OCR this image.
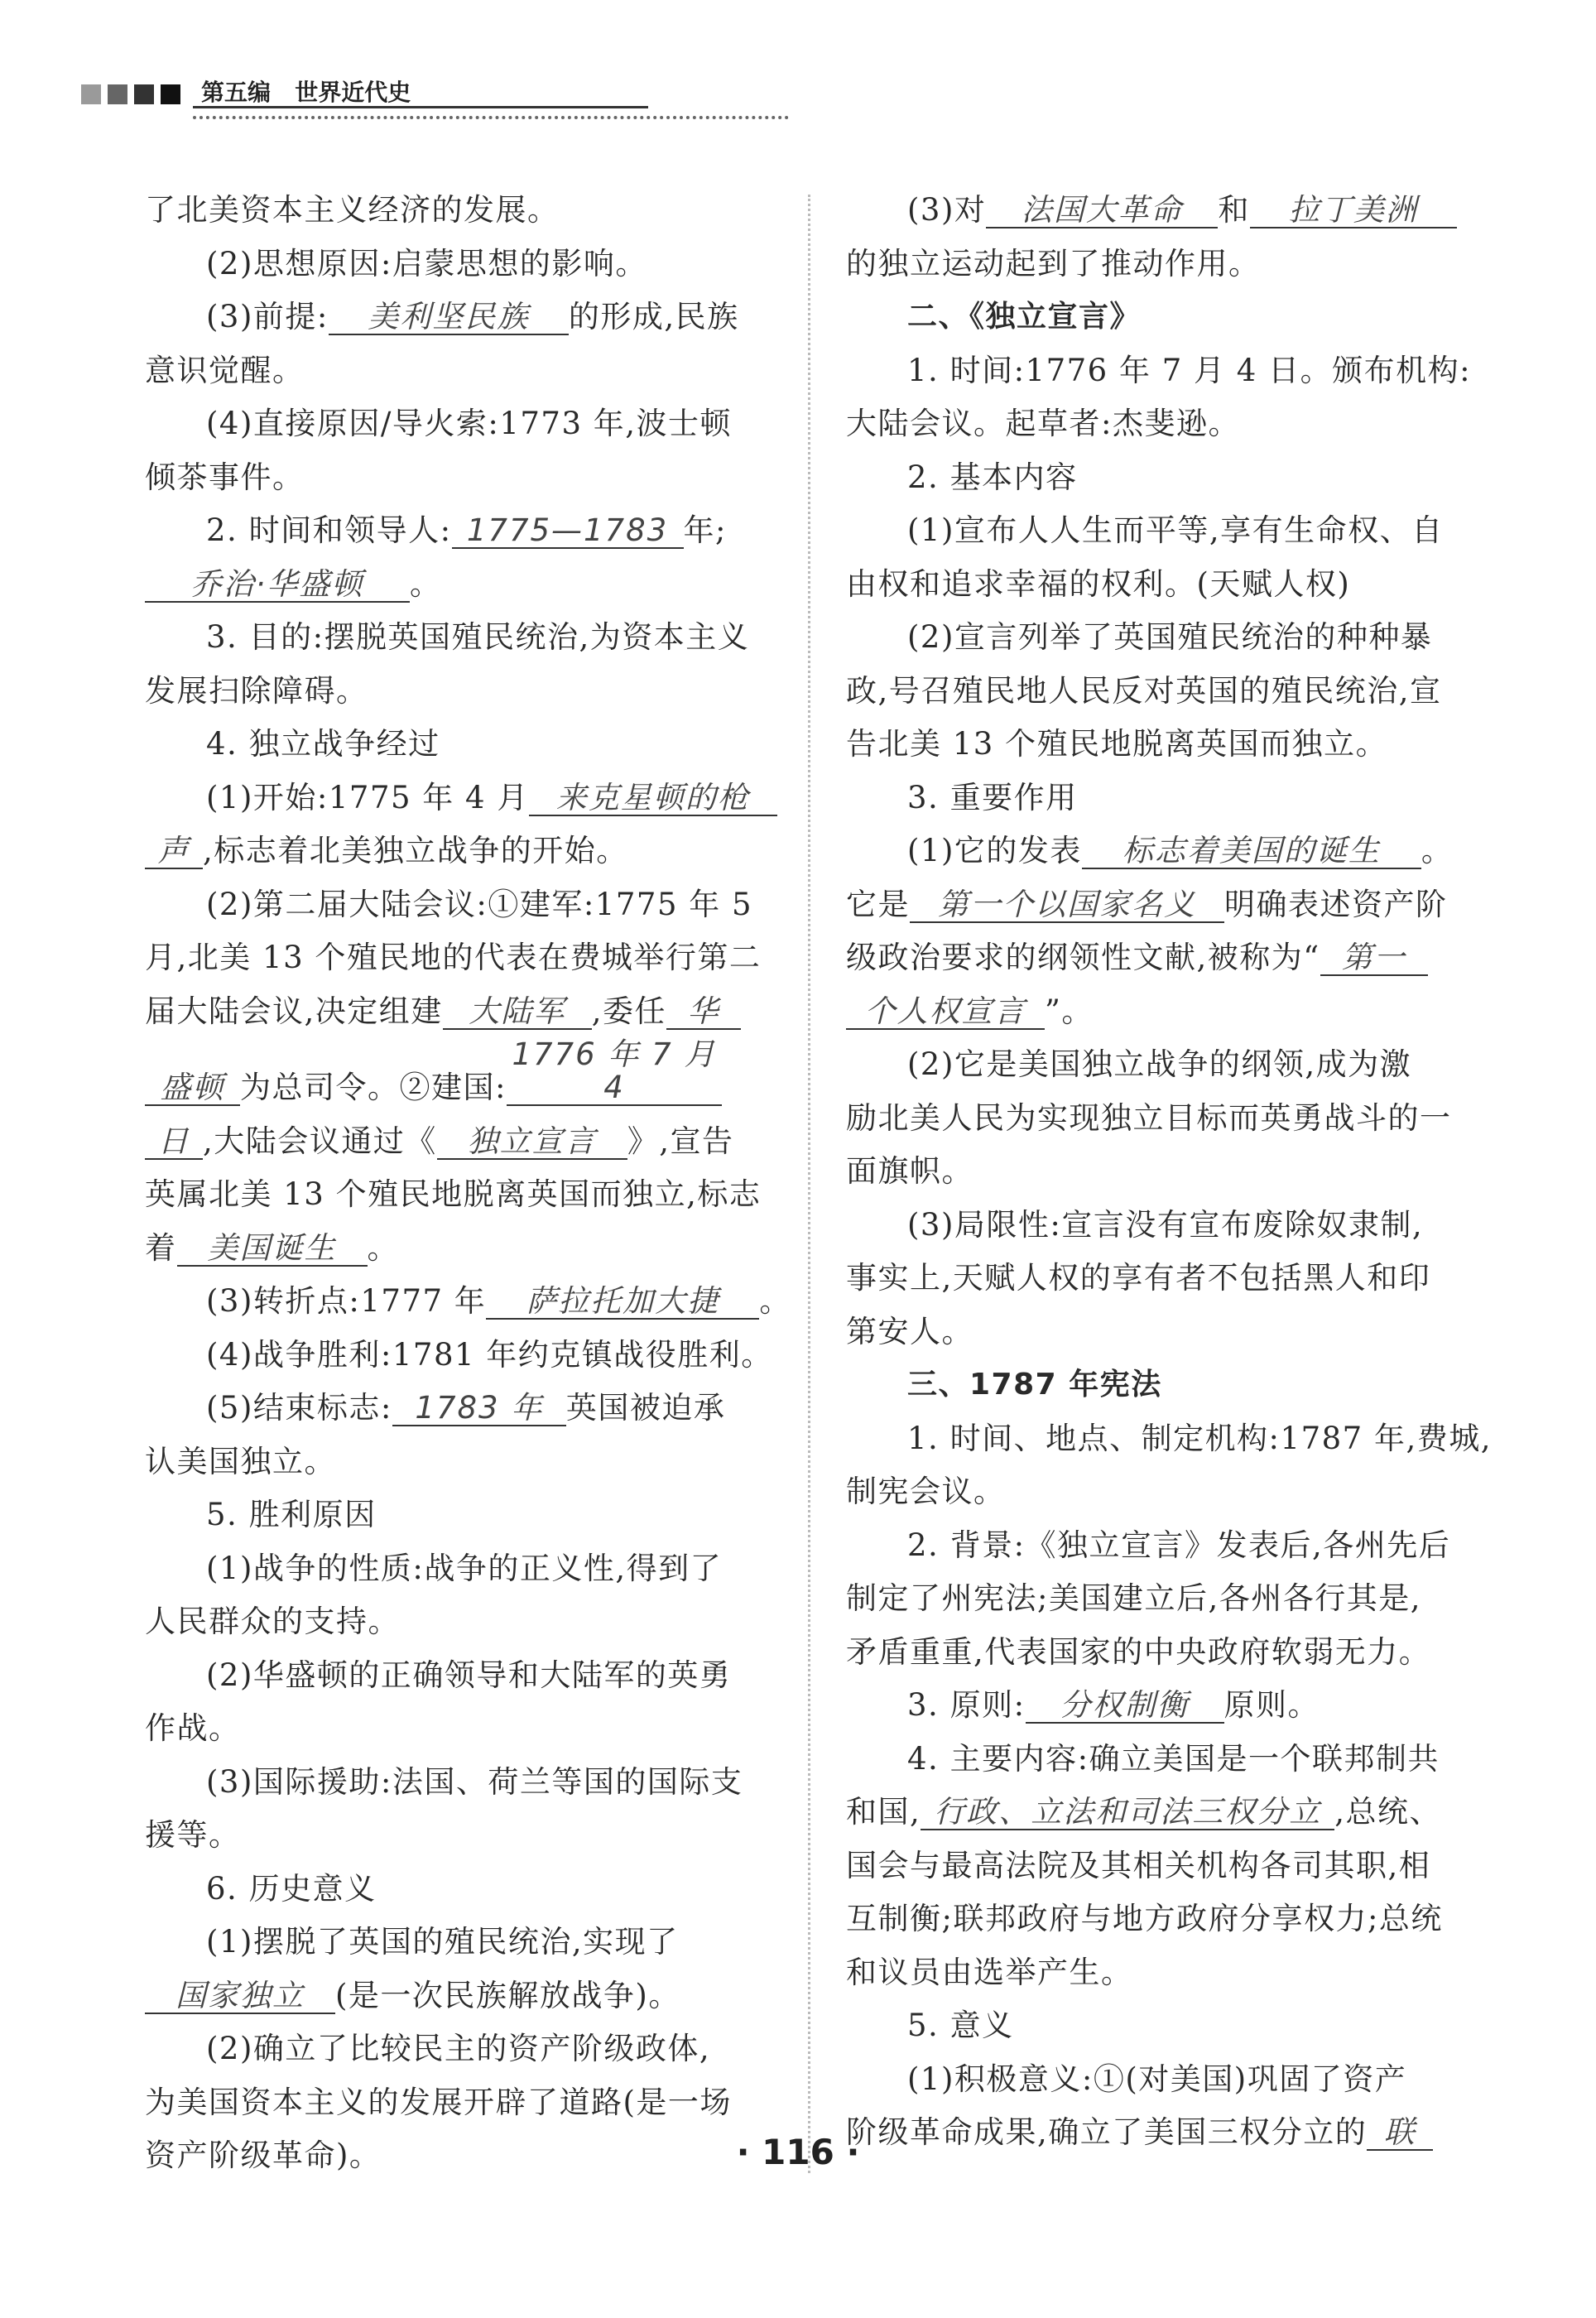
第五编 世界近代史

了北美资本主义经济的发展。

(2)思想原因:启蒙思想的影响。

(3)前提: 美利坚民族 的形成,民族

意识觉醒。

(4)直接原因/导火索:1773 年,波士顿

倾茶事件。

2. 时间和领导人: 1775—1783 年;

乔治·华盛顿 。

3. 目的:摆脱英国殖民统治,为资本主义

发展扫除障碍。

4. 独立战争经过

(1)开始:1775 年 4 月 来克星顿的枪

声 ,标志着北美独立战争的开始。

(2)第二届大陆会议:①建军:1775 年 5

月,北美 13 个殖民地的代表在费城举行第二

届大陆会议,决定组建 大陆军 ,委任 华

盛顿 为总司令。②建国:1776 年 7 月 4

日 ,大陆会议通过《 独立宣言 》,宣告

英属北美 13 个殖民地脱离英国而独立,标志

着 美国诞生 。

(3)转折点:1777 年 萨拉托加大捷 。

(4)战争胜利:1781 年约克镇战役胜利。

(5)结束标志: 1783 年 英国被迫承

认美国独立。

5. 胜利原因

(1)战争的性质:战争的正义性,得到了

人民群众的支持。

(2)华盛顿的正确领导和大陆军的英勇

作战。

(3)国际援助:法国、荷兰等国的国际支

援等。

6. 历史意义

(1)摆脱了英国的殖民统治,实现了

国家独立 (是一次民族解放战争)。

(2)确立了比较民主的资产阶级政体,

为美国资本主义的发展开辟了道路(是一场

资产阶级革命)。

(3)对 法国大革命 和 拉丁美洲

的独立运动起到了推动作用。

二、《独立宣言》

1. 时间:1776 年 7 月 4 日。颁布机构:

大陆会议。起草者:杰斐逊。

2. 基本内容

(1)宣布人人生而平等,享有生命权、自

由权和追求幸福的权利。(天赋人权)

(2)宣言列举了英国殖民统治的种种暴

政,号召殖民地人民反对英国的殖民统治,宣

告北美 13 个殖民地脱离英国而独立。

3. 重要作用

(1)它的发表 标志着美国的诞生 。

它是 第一个以国家名义 明确表述资产阶

级政治要求的纲领性文献,被称为“ 第一

个人权宣言 ”。

(2)它是美国独立战争的纲领,成为激

励北美人民为实现独立目标而英勇战斗的一

面旗帜。

(3)局限性:宣言没有宣布废除奴隶制,

事实上,天赋人权的享有者不包括黑人和印

第安人。

三、1787 年宪法

1. 时间、地点、制定机构:1787 年,费城,

制宪会议。

2. 背景:《独立宣言》发表后,各州先后

制定了州宪法;美国建立后,各州各行其是,

矛盾重重,代表国家的中央政府软弱无力。

3. 原则: 分权制衡 原则。

4. 主要内容:确立美国是一个联邦制共

和国, 行政、立法和司法三权分立 ,总统、

国会与最高法院及其相关机构各司其职,相

互制衡;联邦政府与地方政府分享权力;总统

和议员由选举产生。

5. 意义

(1)积极意义:①(对美国)巩固了资产

阶级革命成果,确立了美国三权分立的 联

· 116 ·
